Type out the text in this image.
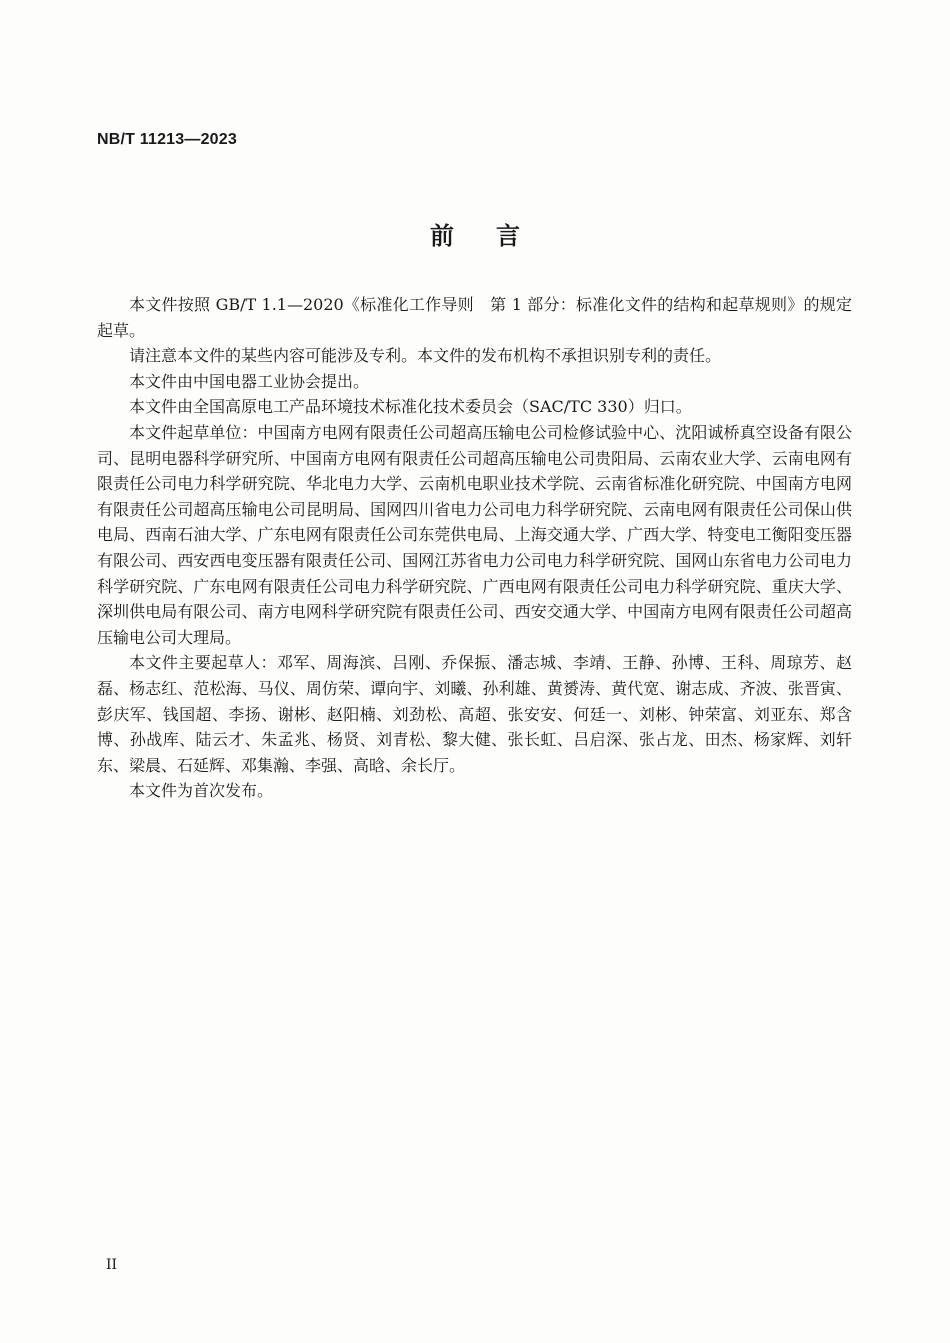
NB/T 11213—2023
前 言

本文件按照 GB/T 1.1—2020《标准化工作导则　第 1 部分：标准化文件的结构和起草规则》的规定起草。

请注意本文件的某些内容可能涉及专利。本文件的发布机构不承担识别专利的责任。

本文件由中国电器工业协会提出。

本文件由全国高原电工产品环境技术标准化技术委员会（SAC/TC 330）归口。

本文件起草单位：中国南方电网有限责任公司超高压输电公司检修试验中心、沈阳诚桥真空设备有限公司、昆明电器科学研究所、中国南方电网有限责任公司超高压输电公司贵阳局、云南农业大学、云南电网有限责任公司电力科学研究院、华北电力大学、云南机电职业技术学院、云南省标准化研究院、中国南方电网有限责任公司超高压输电公司昆明局、国网四川省电力公司电力科学研究院、云南电网有限责任公司保山供电局、西南石油大学、广东电网有限责任公司东莞供电局、上海交通大学、广西大学、特变电工衡阳变压器有限公司、西安西电变压器有限责任公司、国网江苏省电力公司电力科学研究院、国网山东省电力公司电力科学研究院、广东电网有限责任公司电力科学研究院、广西电网有限责任公司电力科学研究院、重庆大学、深圳供电局有限公司、南方电网科学研究院有限责任公司、西安交通大学、中国南方电网有限责任公司超高压输电公司大理局。

本文件主要起草人：邓军、周海滨、吕刚、乔保振、潘志城、李靖、王静、孙博、王科、周琼芳、赵磊、杨志红、范松海、马仪、周仿荣、谭向宇、刘曦、孙利雄、黄赟涛、黄代宽、谢志成、齐波、张晋寅、彭庆军、钱国超、李扬、谢彬、赵阳楠、刘劲松、高超、张安安、何廷一、刘彬、钟荣富、刘亚东、郑含博、孙战库、陆云才、朱孟兆、杨贤、刘青松、黎大健、张长虹、吕启深、张占龙、田杰、杨家辉、刘轩东、梁晨、石延辉、邓集瀚、李强、高晗、余长厅。

本文件为首次发布。

II
